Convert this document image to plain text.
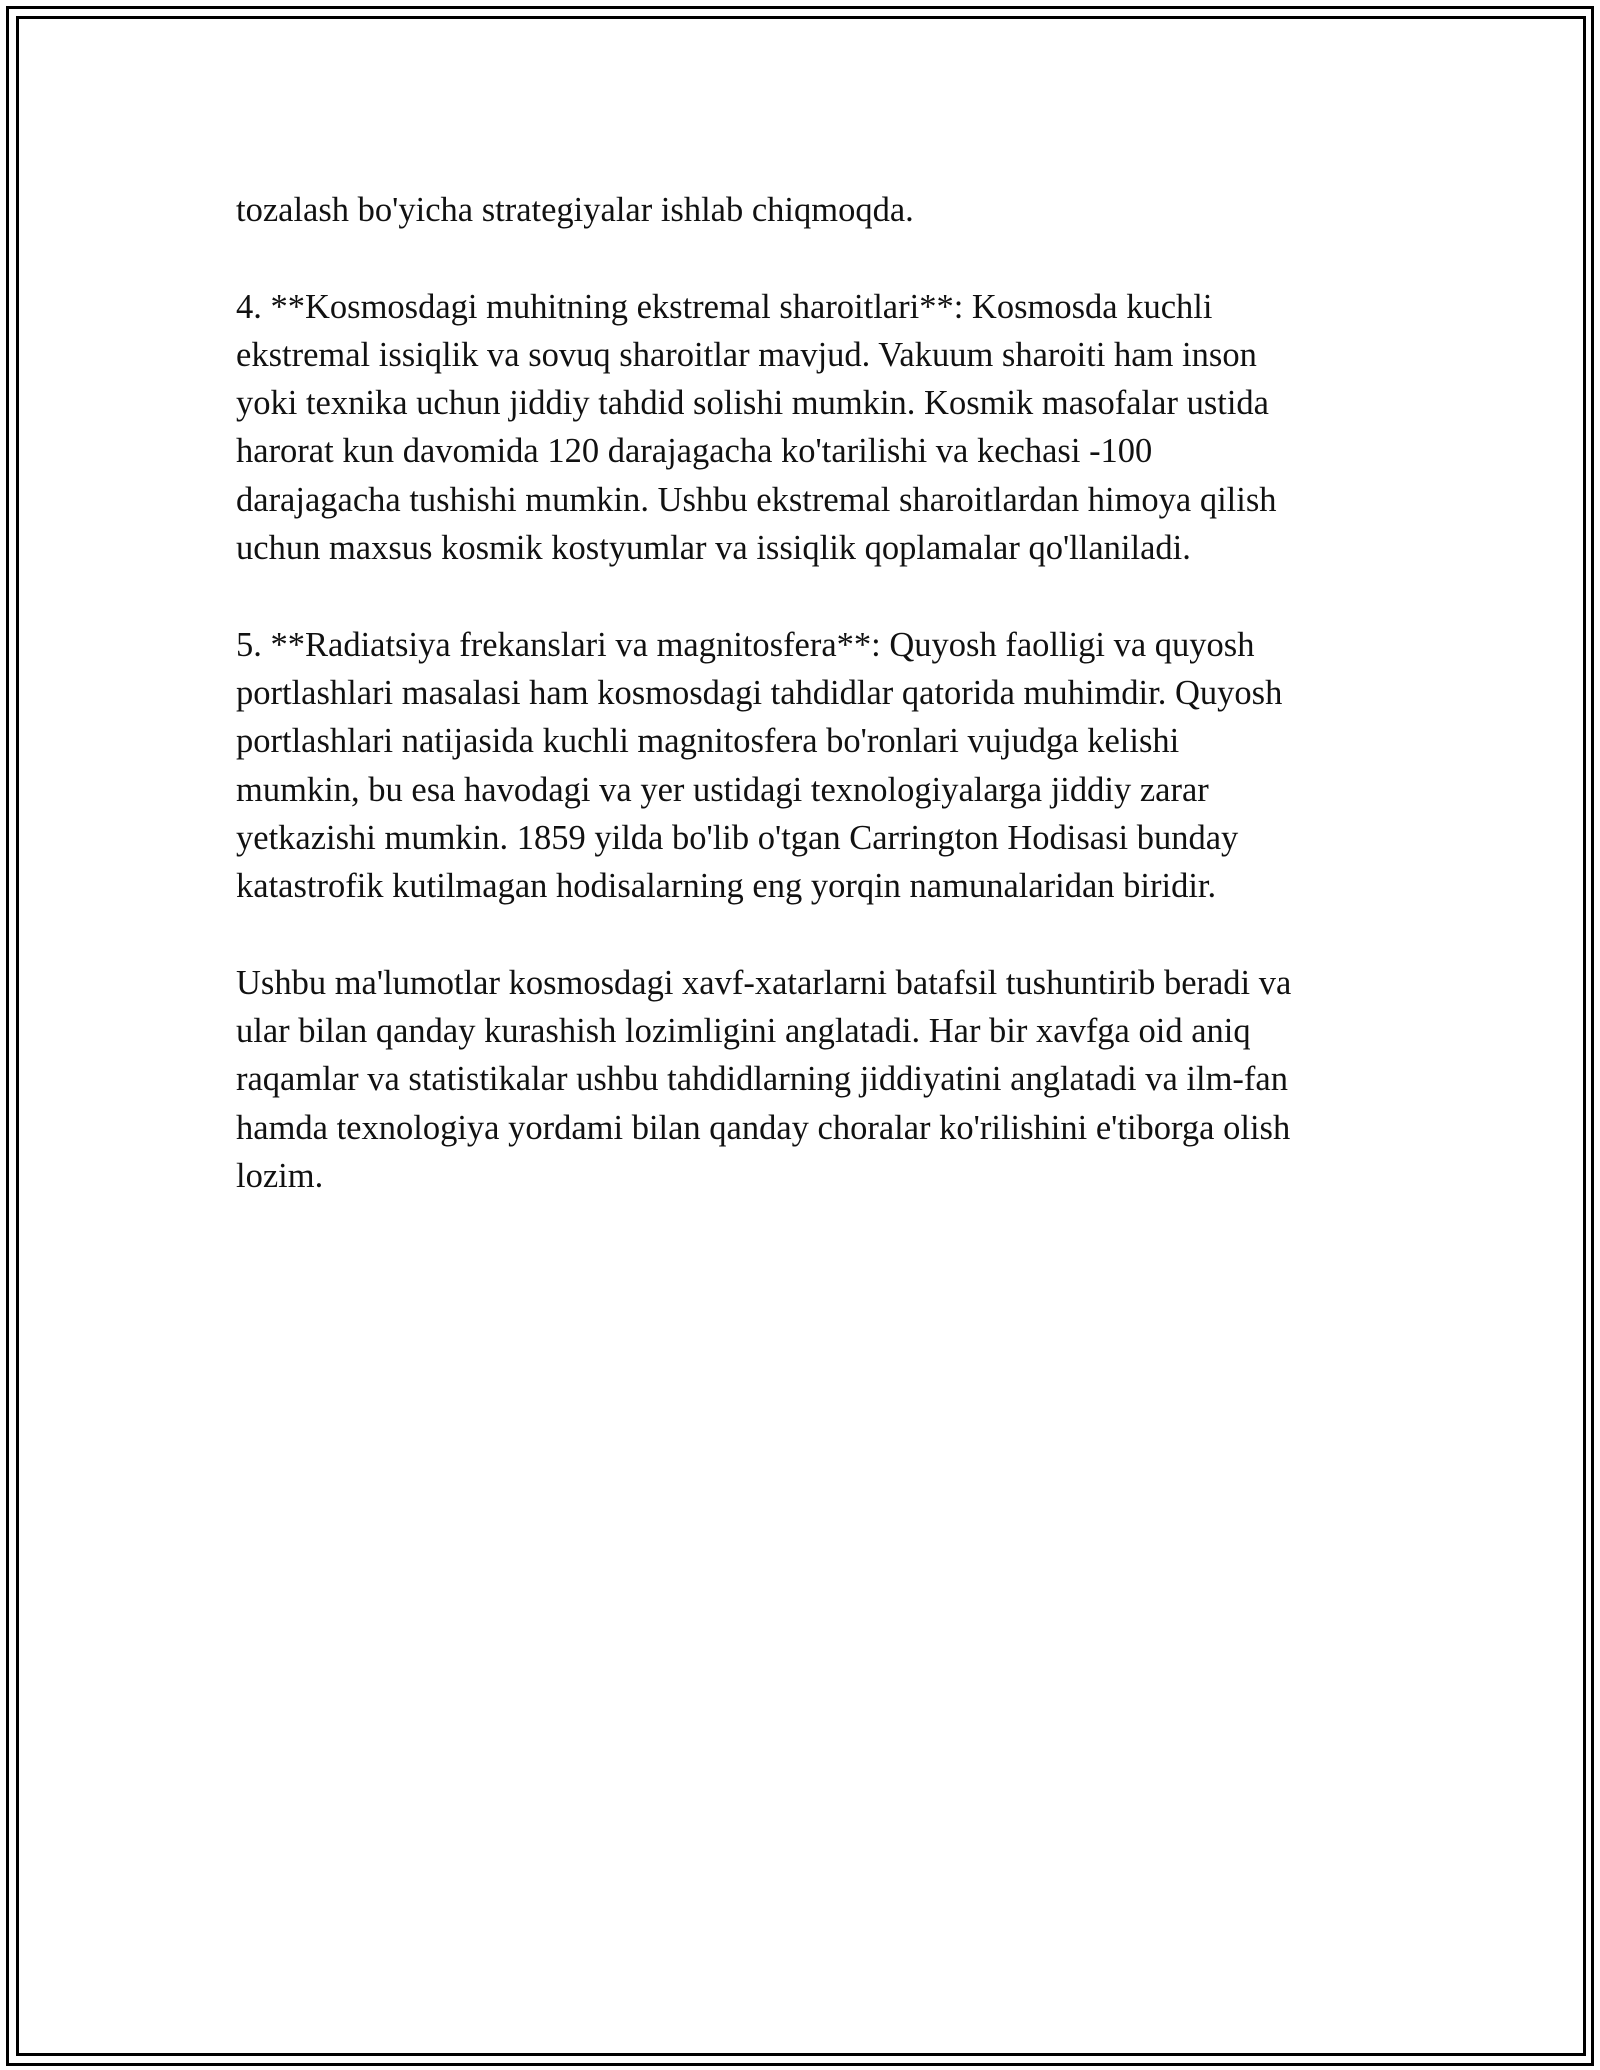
tozalash bo'yicha strategiyalar ishlab chiqmoqda.

4. **Kosmosdagi muhitning ekstremal sharoitlari**: Kosmosda kuchli
ekstremal issiqlik va sovuq sharoitlar mavjud. Vakuum sharoiti ham inson
yoki texnika uchun jiddiy tahdid solishi mumkin. Kosmik masofalar ustida
harorat kun davomida 120 darajagacha ko'tarilishi va kechasi -100
darajagacha tushishi mumkin. Ushbu ekstremal sharoitlardan himoya qilish
uchun maxsus kosmik kostyumlar va issiqlik qoplamalar qo'llaniladi.

5. **Radiatsiya frekanslari va magnitosfera**: Quyosh faolligi va quyosh
portlashlari masalasi ham kosmosdagi tahdidlar qatorida muhimdir. Quyosh
portlashlari natijasida kuchli magnitosfera bo'ronlari vujudga kelishi
mumkin, bu esa havodagi va yer ustidagi texnologiyalarga jiddiy zarar
yetkazishi mumkin. 1859 yilda bo'lib o'tgan Carrington Hodisasi bunday
katastrofik kutilmagan hodisalarning eng yorqin namunalaridan biridir.

Ushbu ma'lumotlar kosmosdagi xavf-xatarlarni batafsil tushuntirib beradi va
ular bilan qanday kurashish lozimligini anglatadi. Har bir xavfga oid aniq
raqamlar va statistikalar ushbu tahdidlarning jiddiyatini anglatadi va ilm-fan
hamda texnologiya yordami bilan qanday choralar ko'rilishini e'tiborga olish
lozim.
